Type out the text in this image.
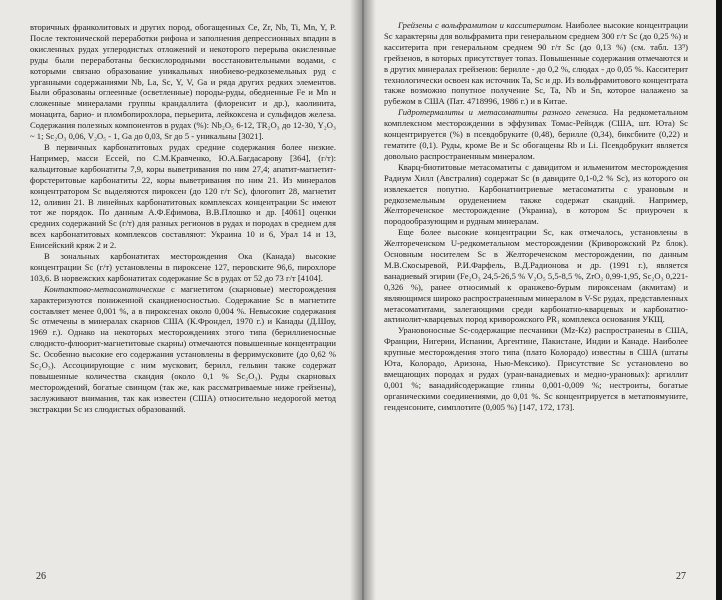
вторичных франколитовых и других пород, обогащенных Ce, Zr, Nb, Ti, Mn, Y, P. После тектонической переработки рифона и заполнения депрессионных впадин в окисленных рудах углеродистых отложений и некоторого перерыва окисленные руды были переработаны бескислородными восстановительными водами, с которыми связано образование уникальных ниобиево-редкоземельных руд с урганными содержаниями Nb, La, Sc, Y, V, Ga и ряда других редких элементов. Были образованы оглеенные (осветленные) породы-руды, обедненные Fe и Mn и сложенные минералами группы крандаллита (флоренсит и др.), каолинита, монацита, барио- и пломбопирохлора, перьерита, лейкоксена и сульфидов железа. Содержания полезных компонентов в рудах (%): Nb₂O₅ 6-12, TR₂O₃ до 12-30, Y₂O₃ ~ 1; Sc₂O₃ 0,06, V₂O₅ - 1, Ga до 0,03, Sr до 5 - уникальны [3021].

В первичных карбонатитовых рудах средние содержания более низкие. Например, масси Ессей, по С.М.Кравченко, Ю.А.Багдасарову [364], (г/т): кальцитовые карбонатиты 7,9, коры выветривания по ним 27,4; апатит-магнетит-форстеритовые карбонатиты 22, коры выветривания по ним 21. Из минералов концентратором Sc выделяются пироксен (до 120 г/т Sc), флогопит 28, магнетит 12, оливин 21. В линейных карбонатитовых комплексах концентрации Sc имеют тот же порядок. По данным А.Ф.Ефимова, В.В.Плошко и др. [4061] оценки средних содержаний Sc (г/т) для разных регионов в рудах и породах в среднем для всех карбонатитовых комплексов составляют: Украина 10 и 6, Урал 14 и 13, Енисейский кряж 2 и 2.

В зональных карбонатитах месторождения Ока (Канада) высокие концентрации Sc (г/т) установлены в пироксене 127, перовските 96,6, пирохлоре 103,6. В норвежских карбонатитах содержание Sc в рудах от 52 до 73 г/т [4104].

Контактово-метасоматические с магнетитом (скарновые) месторождения характеризуются пониженной скандиеносностью. Содержание Sc в магнетите составляет менее 0,001 %, а в пироксенах около 0,004 %. Невысокие содержания Sc отмечены в минералах скарнов США (К.Фрондел, 1970 г.) и Канады (Д.Шоу, 1969 г.). Однако на некоторых месторождениях этого типа (бериллиеносные слюдисто-флюорит-магнетитовые скарны) отмечаются повышенные концентрации Sc. Особенно высокие его содержания установлены в ферримусковите (до 0,62 % Sc₂O₃). Ассоциирующие с ним мусковит, берилл, гельвин также содержат повышенные количества скандия (около 0,1 % Sc₂O₃). Руды скарновых месторождений, богатые свинцом (так же, как рассматриваемые ниже грейзены), заслуживают внимания, так как известен (США) относительно недорогой метод экстракции Sc из слюдистых образований.

26

Грейзены с вольфрамитом и касситеритом. Наиболее высокие концентрации Sc характерны для вольфрамита при генеральном среднем 300 г/т Sc (до 0,25 %) и касситерита при генеральном среднем 90 г/т Sc (до 0,13 %) (см. табл. 13⁹) грейзенов, в которых присутствует топаз. Повышенные содержания отмечаются и в других минералах грейзенов: берилле - до 0,2 %, слюдах - до 0,05 %. Касситерит технологически освоен как источник Ta, Sc и др. Из вольфрамитового концентрата также возможно попутное получение Sc, Ta, Nb и Sn, которое налажено за рубежом в США (Пат. 4718996, 1986 г.) и в Китае.

Гидротермалиты и метасоматиты разного генезиса. На редкометальном комплексном месторождении в эффузивах Томас-Рейндж (США, шт. Юта) Sc концентрируется (%) в псевдобруките (0,48), берилле (0,34), биксбиите (0,22) и гематите (0,1). Руды, кроме Be и Sc обогащены Rb и Li. Псевдобрукит является довольно распространенным минералом.

Кварц-биотитовые метасоматиты с давидитом и ильменитом месторождения Радиум Хилл (Австралия) содержат Sc (в давидите 0,1-0,2 % Sc), из которого он извлекается попутно. Карбонатнитриевые метасоматиты с урановым и редкоземельным оруденением также содержат скандий. Например, Желтореченское месторождение (Украина), в котором Sc приурочен к породообразующим и рудным минералам.

Еще более высокие концентрации Sc, как отмечалось, установлены в Желтореченском U-редкометальном месторождении (Криворожский Pz блок). Основным носителем Sc в Желтореченском месторождении, по данным М.В.Скосыревой, Р.И.Фарфель, В.Д.Радионова и др. (1991 г.), является ванадиевый эгирин (Fe₂O₃ 24,5-26,5 % V₂O₅ 5,5-8,5 %, ZrO₂ 0,99-1,95, Sc₂O₃ 0,221-0,326 %), ранее относимый к оранжево-бурым пироксенам (акмитам) и являющимся широко распространенным минералом в V-Sc рудах, представленных метасоматитами, залегающими среди карбонатно-кварцевых и карбонатно-актинолит-кварцевых пород криворожского PR₁ комплекса основания УКЩ.

Урановоносные Sc-содержащие песчаники (Mz-Kz) распространены в США, Франции, Нигерии, Испании, Аргентине, Пакистане, Индии и Канаде. Наиболее крупные месторождения этого типа (плато Колорадо) известны в США (штаты Юта, Колорадо, Аризона, Нью-Мексико). Присутствие Sc установлено во вмещающих породах и рудах (уран-ванадиевых и медно-урановых): аргиллит 0,001 %; ванадийсодержащие глины 0,001-0,009 %; нестроиты, богатые органическими соединениями, до 0,01 %. Sc концентрируется в метатюямуните, генденсоните, симплотите (0,005 %) [147, 172, 173].

27
